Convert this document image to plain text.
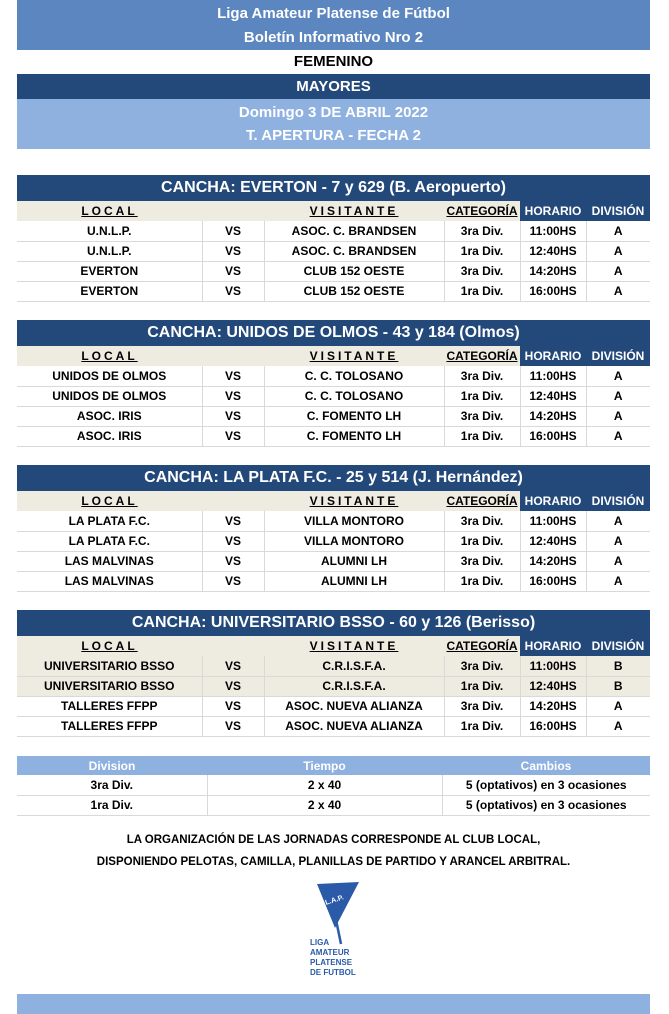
Liga Amateur Platense de Fútbol
Boletín Informativo Nro 2
FEMENINO
MAYORES
Domingo 3 DE ABRIL 2022
T. APERTURA - FECHA 2
CANCHA: EVERTON - 7 y 629 (B. Aeropuerto)
LOCAL		VISITANTE	CATEGORÍA	HORARIO	DIVISIÓN
U.N.L.P.	VS	ASOC. C. BRANDSEN	3ra Div.	11:00HS	A
U.N.L.P.	VS	ASOC. C. BRANDSEN	1ra Div.	12:40HS	A
EVERTON	VS	CLUB 152 OESTE	3ra Div.	14:20HS	A
EVERTON	VS	CLUB 152 OESTE	1ra Div.	16:00HS	A
CANCHA: UNIDOS DE OLMOS - 43 y 184 (Olmos)
LOCAL		VISITANTE	CATEGORÍA	HORARIO	DIVISIÓN
UNIDOS DE OLMOS	VS	C. C. TOLOSANO	3ra Div.	11:00HS	A
UNIDOS DE OLMOS	VS	C. C. TOLOSANO	1ra Div.	12:40HS	A
ASOC. IRIS	VS	C. FOMENTO LH	3ra Div.	14:20HS	A
ASOC. IRIS	VS	C. FOMENTO LH	1ra Div.	16:00HS	A
CANCHA: LA PLATA F.C. - 25 y 514 (J. Hernández)
LOCAL		VISITANTE	CATEGORÍA	HORARIO	DIVISIÓN
LA PLATA F.C.	VS	VILLA MONTORO	3ra Div.	11:00HS	A
LA PLATA F.C.	VS	VILLA MONTORO	1ra Div.	12:40HS	A
LAS MALVINAS	VS	ALUMNI LH	3ra Div.	14:20HS	A
LAS MALVINAS	VS	ALUMNI LH	1ra Div.	16:00HS	A
CANCHA: UNIVERSITARIO BSSO - 60 y 126 (Berisso)
LOCAL		VISITANTE	CATEGORÍA	HORARIO	DIVISIÓN
UNIVERSITARIO BSSO	VS	C.R.I.S.F.A.	3ra Div.	11:00HS	B
UNIVERSITARIO BSSO	VS	C.R.I.S.F.A.	1ra Div.	12:40HS	B
TALLERES FFPP	VS	ASOC. NUEVA ALIANZA	3ra Div.	14:20HS	A
TALLERES FFPP	VS	ASOC. NUEVA ALIANZA	1ra Div.	16:00HS	A
Division	Tiempo	Cambios
3ra Div.	2 x 40	5 (optativos) en 3 ocasiones
1ra Div.	2 x 40	5 (optativos) en 3 ocasiones
LA ORGANIZACIÓN DE LAS JORNADAS CORRESPONDE AL CLUB LOCAL,
DISPONIENDO PELOTAS, CAMILLA, PLANILLAS DE PARTIDO Y ARANCEL ARBITRAL.
L.A.P.
LIGA
AMATEUR
PLATENSE
DE FUTBOL
